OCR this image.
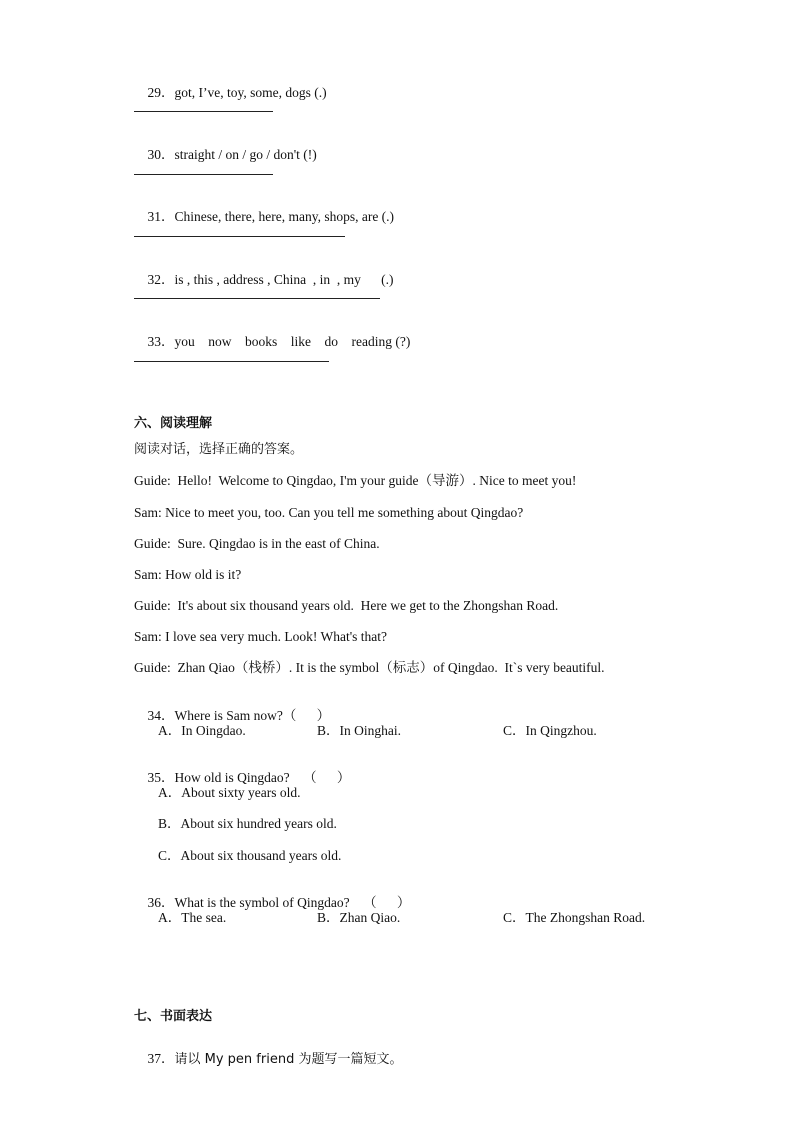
29．got, I’ve, toy, some, dogs (.)

30．straight / on / go / don't (!)

31．Chinese, there, here, many, shops, are (.)

32．is , this , address , China  , in  , my      (.)

33．you    now    books    like    do    reading (?)

六、阅读理解
阅读对话，选择正确的答案。
Guide:  Hello!  Welcome to Qingdao, I'm your guide（导游）. Nice to meet you!
Sam: Nice to meet you, too. Can you tell me something about Qingdao?
Guide:  Sure. Qingdao is in the east of China.
Sam: How old is it?
Guide:  It's about six thousand years old.  Here we get to the Zhongshan Road.
Sam: I love sea very much. Look! What's that?
Guide:  Zhan Qiao（栈桥）. It is the symbol（标志）of Qingdao.  It`s very beautiful.

34．Where is Sam now?（      ）

A．In Oingdao.	B．In Oinghai.	C．In Qingzhou.

35．How old is Qingdao?    （      ）

A．About sixty years old.
B．About six hundred years old.
C．About six thousand years old.

36．What is the symbol of Qingdao?    （      ）

A．The sea.	B．Zhan Qiao.	C．The Zhongshan Road.
七、书面表达

37．请以 My pen friend 为题写一篇短文。
